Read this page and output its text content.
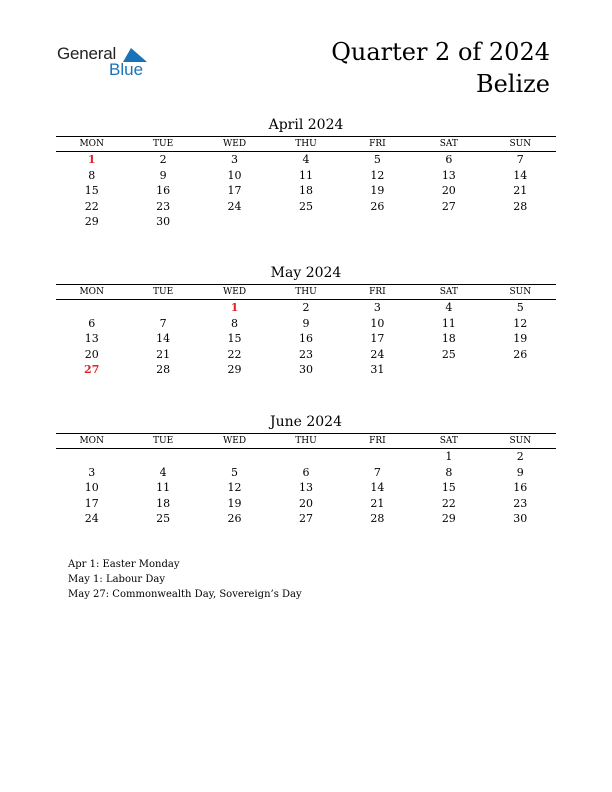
General
Blue
Quarter 2 of 2024
Belize
April 2024
MON	TUE	WED	THU	FRI	SAT	SUN
1	2	3	4	5	6	7
8	9	10	11	12	13	14
15	16	17	18	19	20	21
22	23	24	25	26	27	28
29	30					
May 2024
MON	TUE	WED	THU	FRI	SAT	SUN
		1	2	3	4	5
6	7	8	9	10	11	12
13	14	15	16	17	18	19
20	21	22	23	24	25	26
27	28	29	30	31		
June 2024
MON	TUE	WED	THU	FRI	SAT	SUN
					1	2
3	4	5	6	7	8	9
10	11	12	13	14	15	16
17	18	19	20	21	22	23
24	25	26	27	28	29	30
Apr 1: Easter Monday
May 1: Labour Day
May 27: Commonwealth Day, Sovereign’s Day
